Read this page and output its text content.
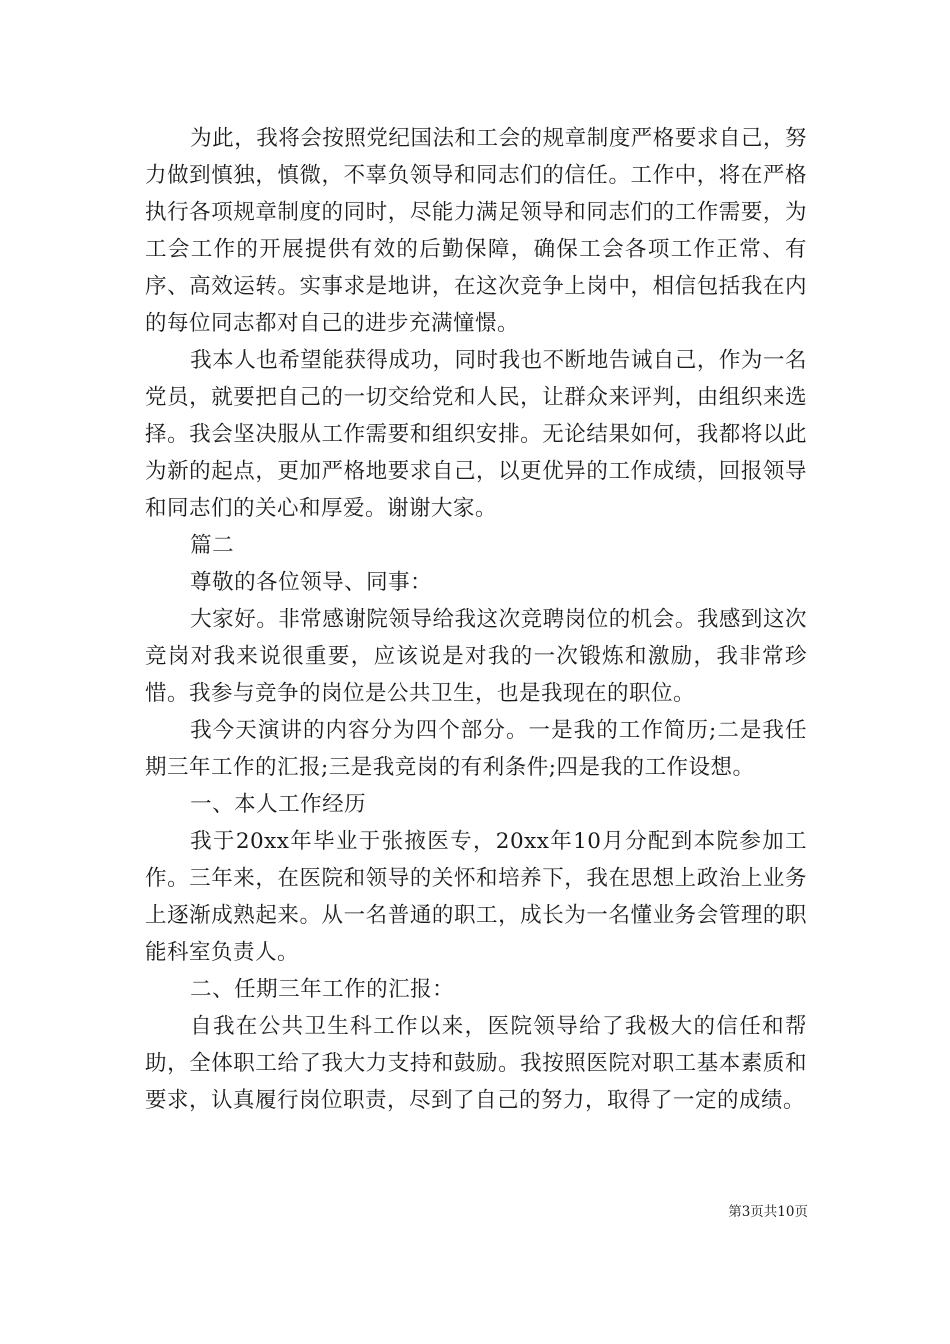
为此，我将会按照党纪国法和工会的规章制度严格要求自己，努力做到慎独，慎微，不辜负领导和同志们的信任。工作中，将在严格执行各项规章制度的同时，尽能力满足领导和同志们的工作需要，为工会工作的开展提供有效的后勤保障，确保工会各项工作正常、有序、高效运转。实事求是地讲，在这次竞争上岗中，相信包括我在内的每位同志都对自己的进步充满憧憬。

我本人也希望能获得成功，同时我也不断地告诫自己，作为一名党员，就要把自己的一切交给党和人民，让群众来评判，由组织来选择。我会坚决服从工作需要和组织安排。无论结果如何，我都将以此为新的起点，更加严格地要求自己，以更优异的工作成绩，回报领导和同志们的关心和厚爱。谢谢大家。

篇二

尊敬的各位领导、同事：

大家好。非常感谢院领导给我这次竞聘岗位的机会。我感到这次竞岗对我来说很重要，应该说是对我的一次锻炼和激励，我非常珍惜。我参与竞争的岗位是公共卫生，也是我现在的职位。

我今天演讲的内容分为四个部分。一是我的工作简历;二是我任期三年工作的汇报;三是我竞岗的有利条件;四是我的工作设想。

一、本人工作经历

我于20xx年毕业于张掖医专，20xx年10月分配到本院参加工作。三年来，在医院和领导的关怀和培养下，我在思想上政治上业务上逐渐成熟起来。从一名普通的职工，成长为一名懂业务会管理的职能科室负责人。

二、任期三年工作的汇报：

自我在公共卫生科工作以来，医院领导给了我极大的信任和帮助，全体职工给了我大力支持和鼓励。我按照医院对职工基本素质和要求，认真履行岗位职责，尽到了自己的努力，取得了一定的成绩。

第3页共10页
